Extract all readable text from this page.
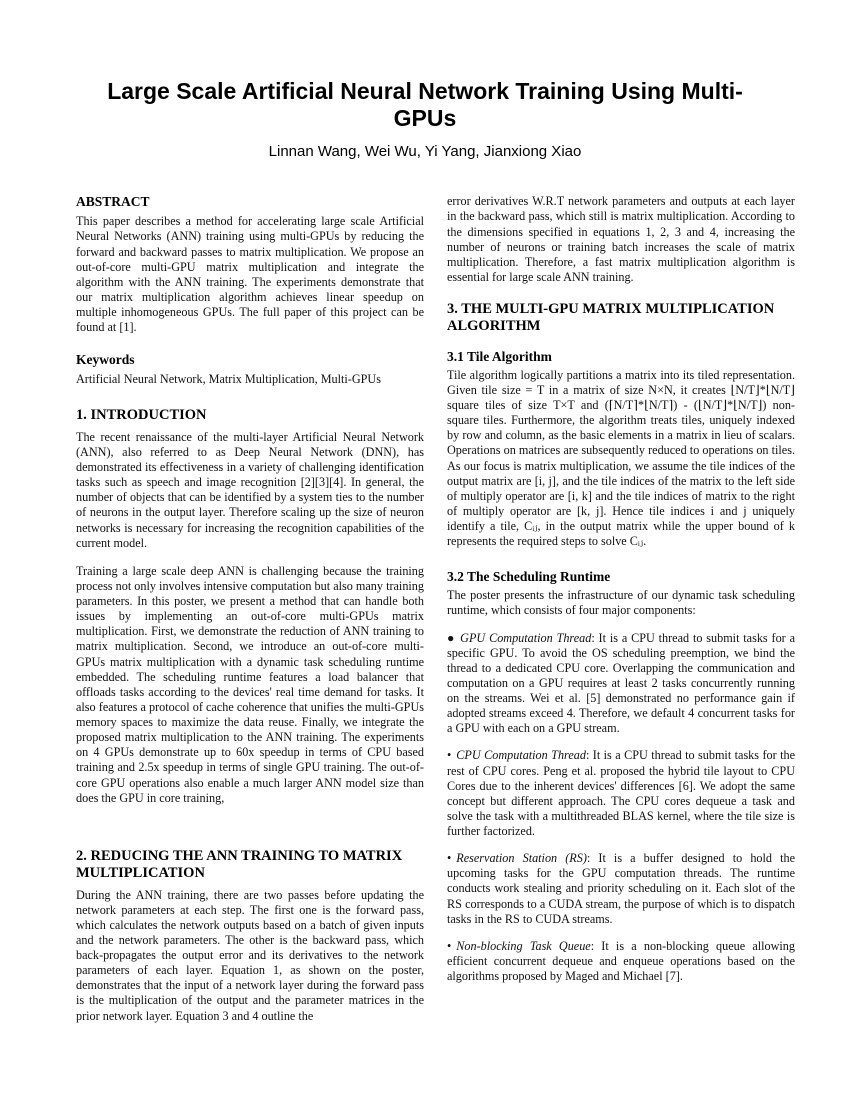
Large Scale Artificial Neural Network Training Using Multi-GPUs
Linnan Wang, Wei Wu, Yi Yang, Jianxiong Xiao
ABSTRACT

This paper describes a method for accelerating large scale Artificial Neural Networks (ANN) training using multi-GPUs by reducing the forward and backward passes to matrix multiplication. We propose an out-of-core multi-GPU matrix multiplication and integrate the algorithm with the ANN training. The experiments demonstrate that our matrix multiplication algorithm achieves linear speedup on multiple inhomogeneous GPUs. The full paper of this project can be found at [1].

Keywords

Artificial Neural Network, Matrix Multiplication, Multi-GPUs

1. INTRODUCTION

The recent renaissance of the multi-layer Artificial Neural Network (ANN), also referred to as Deep Neural Network (DNN), has demonstrated its effectiveness in a variety of challenging identification tasks such as speech and image recognition [2][3][4]. In general, the number of objects that can be identified by a system ties to the number of neurons in the output layer. Therefore scaling up the size of neuron networks is necessary for increasing the recognition capabilities of the current model.

Training a large scale deep ANN is challenging because the training process not only involves intensive computation but also many training parameters. In this poster, we present a method that can handle both issues by implementing an out-of-core multi-GPUs matrix multiplication. First, we demonstrate the reduction of ANN training to matrix multiplication. Second, we introduce an out-of-core multi-GPUs matrix multiplication with a dynamic task scheduling runtime embedded. The scheduling runtime features a load balancer that offloads tasks according to the devices' real time demand for tasks. It also features a protocol of cache coherence that unifies the multi-GPUs memory spaces to maximize the data reuse. Finally, we integrate the proposed matrix multiplication to the ANN training. The experiments on 4 GPUs demonstrate up to 60x speedup in terms of CPU based training and 2.5x speedup in terms of single GPU training. The out-of-core GPU operations also enable a much larger ANN model size than does the GPU in core training,

2. REDUCING THE ANN TRAINING TO MATRIX MULTIPLICATION

During the ANN training, there are two passes before updating the network parameters at each step. The first one is the forward pass, which calculates the network outputs based on a batch of given inputs and the network parameters. The other is the backward pass, which back-propagates the output error and its derivatives to the network parameters of each layer. Equation 1, as shown on the poster, demonstrates that the input of a network layer during the forward pass is the multiplication of the output and the parameter matrices in the prior network layer. Equation 3 and 4 outline the

error derivatives W.R.T network parameters and outputs at each layer in the backward pass, which still is matrix multiplication. According to the dimensions specified in equations 1, 2, 3 and 4, increasing the number of neurons or training batch increases the scale of matrix multiplication. Therefore, a fast matrix multiplication algorithm is essential for large scale ANN training.

3. THE MULTI-GPU MATRIX MULTIPLICATION ALGORITHM
3.1 Tile Algorithm

Tile algorithm logically partitions a matrix into its tiled representation. Given tile size = T in a matrix of size N×N, it creates ⌊N/T⌋*⌊N/T⌋ square tiles of size T×T and (⌈N/T⌉*⌊N/T⌉) - (⌊N/T⌋*⌊N/T⌋) non-square tiles. Furthermore, the algorithm treats tiles, uniquely indexed by row and column, as the basic elements in a matrix in lieu of scalars. Operations on matrices are subsequently reduced to operations on tiles. As our focus is matrix multiplication, we assume the tile indices of the output matrix are [i, j], and the tile indices of the matrix to the left side of multiply operator are [i, k] and the tile indices of matrix to the right of multiply operator are [k, j]. Hence tile indices i and j uniquely identify a tile, Cᵢⱼ, in the output matrix while the upper bound of k represents the required steps to solve Cᵢⱼ.

3.2 The Scheduling Runtime

The poster presents the infrastructure of our dynamic task scheduling runtime, which consists of four major components:

● GPU Computation Thread: It is a CPU thread to submit tasks for a specific GPU. To avoid the OS scheduling preemption, we bind the thread to a dedicated CPU core. Overlapping the communication and computation on a GPU requires at least 2 tasks concurrently running on the streams. Wei et al. [5] demonstrated no performance gain if adopted streams exceed 4. Therefore, we default 4 concurrent tasks for a GPU with each on a GPU stream.

• CPU Computation Thread: It is a CPU thread to submit tasks for the rest of CPU cores. Peng et al. proposed the hybrid tile layout to CPU Cores due to the inherent devices' differences [6]. We adopt the same concept but different approach. The CPU cores dequeue a task and solve the task with a multithreaded BLAS kernel, where the tile size is further factorized.

• Reservation Station (RS): It is a buffer designed to hold the upcoming tasks for the GPU computation threads. The runtime conducts work stealing and priority scheduling on it. Each slot of the RS corresponds to a CUDA stream, the purpose of which is to dispatch tasks in the RS to CUDA streams.

• Non-blocking Task Queue: It is a non-blocking queue allowing efficient concurrent dequeue and enqueue operations based on the algorithms proposed by Maged and Michael [7].
